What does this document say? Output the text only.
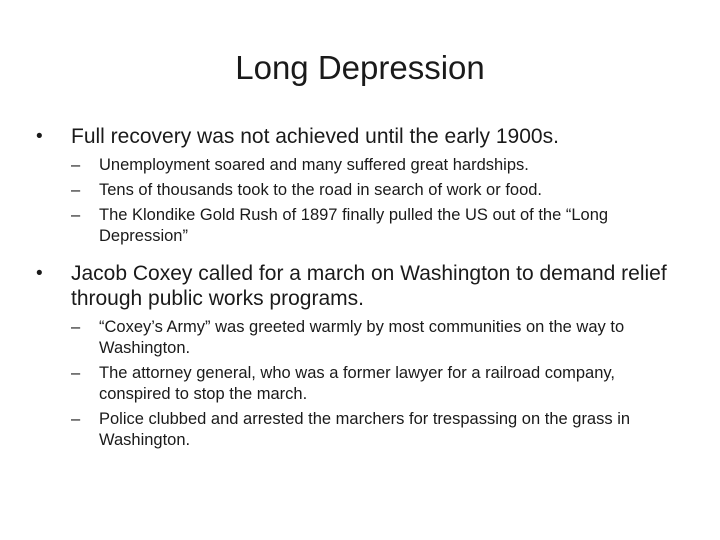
Long Depression
• Full recovery was not achieved until the early 1900s.
– Unemployment soared and many suffered great hardships.
– Tens of thousands took to the road in search of work or food.
– The Klondike Gold Rush of 1897 finally pulled the US out of the “Long Depression”
• Jacob Coxey called for a march on Washington to demand relief through public works programs.
– “Coxey’s Army” was greeted warmly by most communities on the way to Washington.
– The attorney general, who was a former lawyer for a railroad company, conspired to stop the march.
– Police clubbed and arrested the marchers for trespassing on the grass in Washington.
